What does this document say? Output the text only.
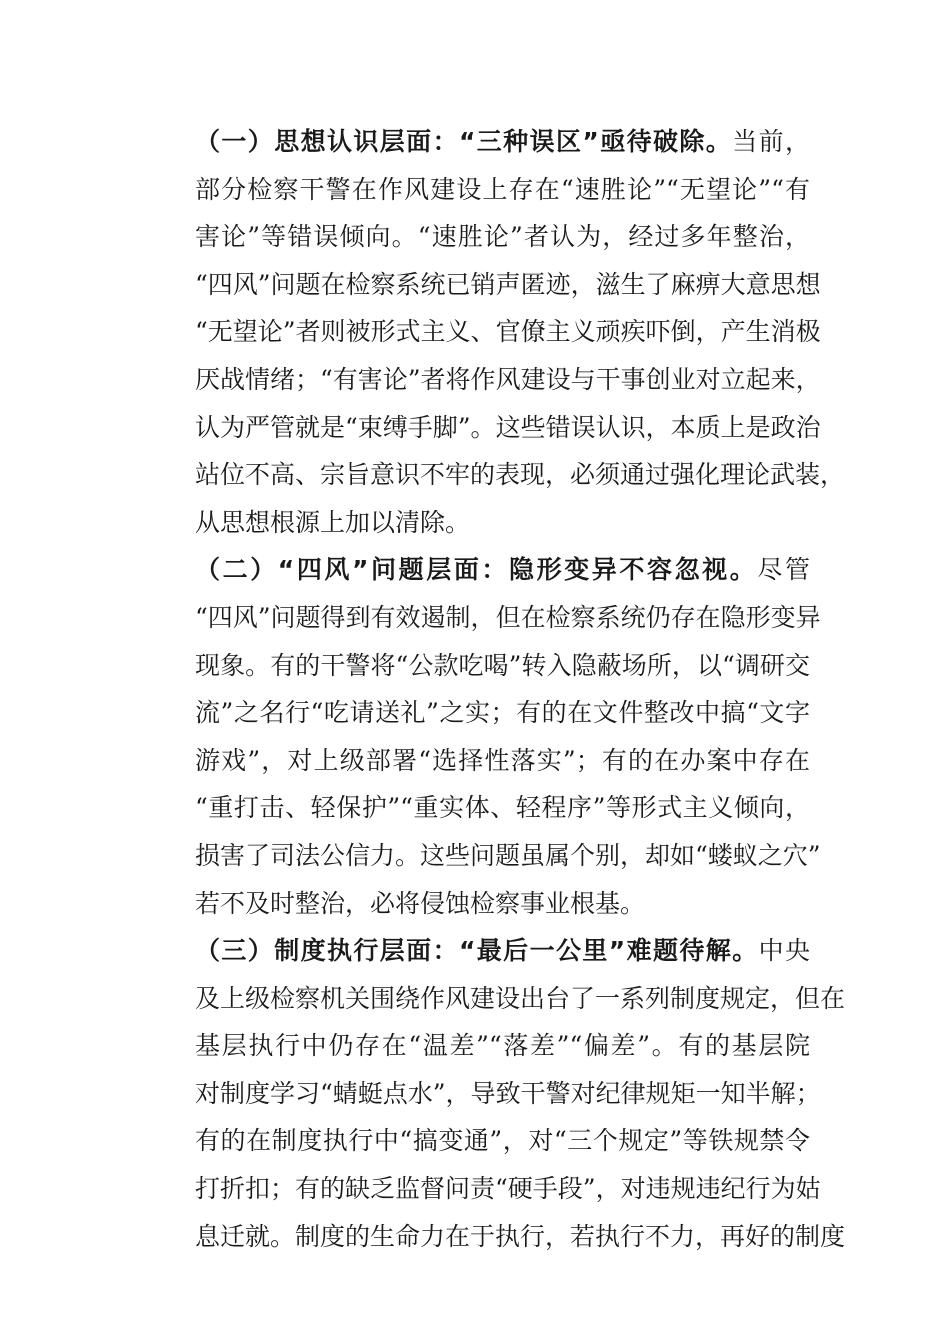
（一）思想认识层面：“三种误区”亟待破除。当前，
部分检察干警在作风建设上存在“速胜论”“无望论”“有
害论”等错误倾向。“速胜论”者认为，经过多年整治，
“四风”问题在检察系统已销声匿迹，滋生了麻痹大意思想
“无望论”者则被形式主义、官僚主义顽疾吓倒，产生消极
厌战情绪；“有害论”者将作风建设与干事创业对立起来，
认为严管就是“束缚手脚”。这些错误认识，本质上是政治
站位不高、宗旨意识不牢的表现，必须通过强化理论武装，
从思想根源上加以清除。

（二）“四风”问题层面：隐形变异不容忽视。尽管
“四风”问题得到有效遏制，但在检察系统仍存在隐形变异
现象。有的干警将“公款吃喝”转入隐蔽场所，以“调研交
流”之名行“吃请送礼”之实；有的在文件整改中搞“文字
游戏”，对上级部署“选择性落实”；有的在办案中存在
“重打击、轻保护”“重实体、轻程序”等形式主义倾向，
损害了司法公信力。这些问题虽属个别，却如“蝼蚁之穴”
若不及时整治，必将侵蚀检察事业根基。

（三）制度执行层面：“最后一公里”难题待解。中央
及上级检察机关围绕作风建设出台了一系列制度规定，但在
基层执行中仍存在“温差”“落差”“偏差”。有的基层院
对制度学习“蜻蜓点水”，导致干警对纪律规矩一知半解；
有的在制度执行中“搞变通”，对“三个规定”等铁规禁令
打折扣；有的缺乏监督问责“硬手段”，对违规违纪行为姑
息迁就。制度的生命力在于执行，若执行不力，再好的制度
